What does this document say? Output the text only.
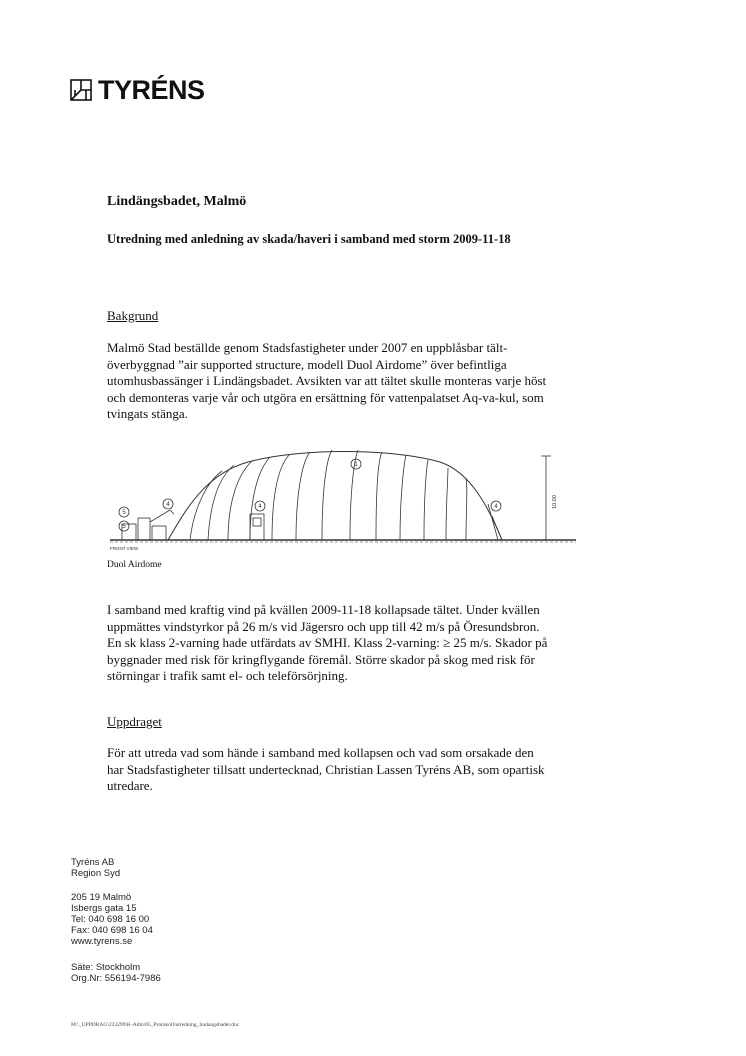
TYRÉNS
Lindängsbadet, Malmö
Utredning med anledning av skada/haveri i samband med storm 2009-11-18
Bakgrund
Malmö Stad beställde genom Stadsfastigheter under 2007 en uppblåsbar tält-
överbyggnad ”air supported structure, modell Duol Airdome” över befintliga
utomhusbassänger i Lindängsbadet. Avsikten var att tältet skulle monteras varje höst
och demonteras varje vår och utgöra en ersättning för vattenpalatset Aq-va-kul, som
tvingats stänga.
1
4	4	4
5
5
FRONT VIEW
10.00
Duol Airdome
I samband med kraftig vind på kvällen 2009-11-18 kollapsade tältet. Under kvällen
uppmättes vindstyrkor på 26 m/s vid Jägersro och upp till 42 m/s på Öresundsbron.
En sk klass 2-varning hade utfärdats av SMHI. Klass 2-varning: ≥ 25 m/s. Skador på
byggnader med risk för kringflygande föremål. Större skador på skog med risk för
störningar i trafik samt el- och teleförsörjning.
Uppdraget
För att utreda vad som hände i samband med kollapsen och vad som orsakade den
har Stadsfastigheter tillsatt undertecknad, Christian Lassen Tyréns AB, som opartisk
utredare.
Tyréns AB
Region Syd
205 19 Malmö
Isbergs gata 15
Tel: 040 698 16 00
Fax: 040 698 16 04
www.tyrens.se
Säte: Stockholm
Org.Nr: 556194-7986
M:\_UPPDRAG\223299\K-Adm\05_Protokoll\utredning_lindangsbadet.doc
